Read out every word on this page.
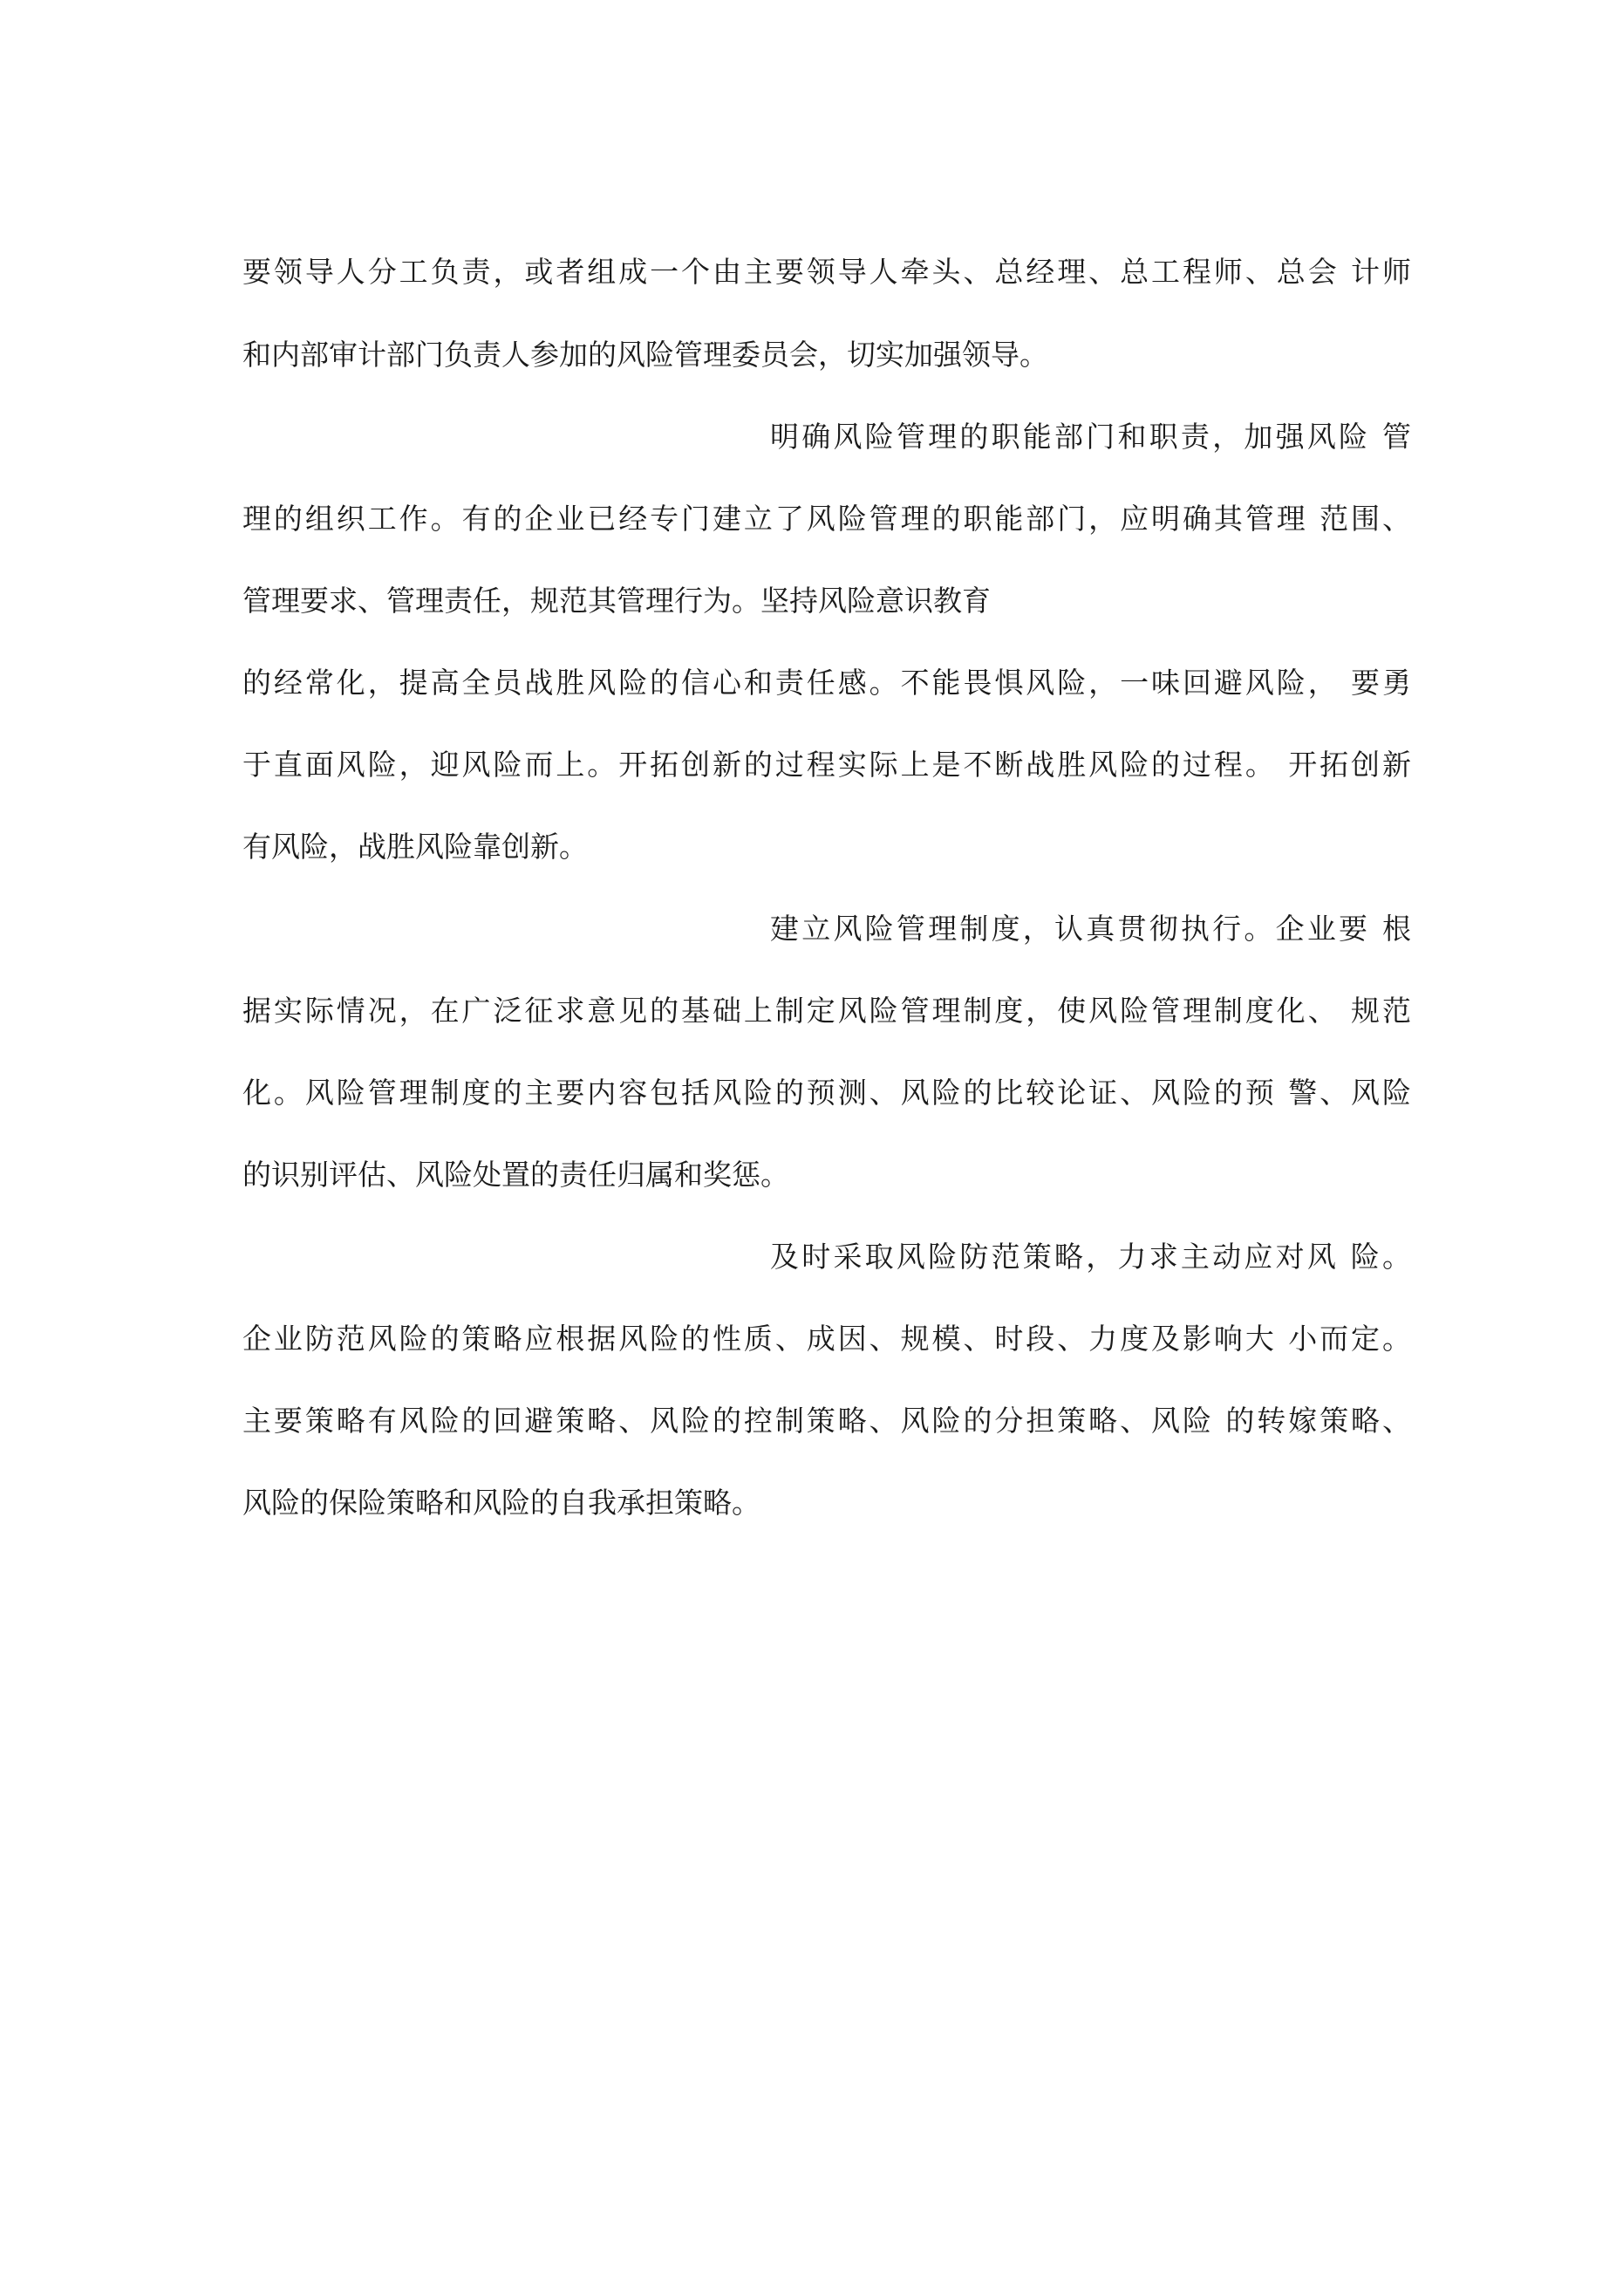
要领导人分工负责，或者组成一个由主要领导人牵头、总经理、总工程师、总会 计师

和内部审计部门负责人参加的风险管理委员会，切实加强领导。

明确风险管理的职能部门和职责，加强风险 管

理的组织工作。有的企业已经专门建立了风险管理的职能部门，应明确其管理 范围、

管理要求、管理责任，规范其管理行为。坚持风险意识教育

的经常化，提高全员战胜风险的信心和责任感。不能畏惧风险，一味回避风险， 要勇

于直面风险，迎风险而上。开拓创新的过程实际上是不断战胜风险的过程。 开拓创新

有风险，战胜风险靠创新。

建立风险管理制度，认真贯彻执行。企业要 根

据实际情况，在广泛征求意见的基础上制定风险管理制度，使风险管理制度化、 规范

化。风险管理制度的主要内容包括风险的预测、风险的比较论证、风险的预 警、风险

的识别评估、风险处置的责任归属和奖惩。

及时采取风险防范策略，力求主动应对风 险。

企业防范风险的策略应根据风险的性质、成因、规模、时段、力度及影响大 小而定。

主要策略有风险的回避策略、风险的控制策略、风险的分担策略、风险 的转嫁策略、

风险的保险策略和风险的自我承担策略。
